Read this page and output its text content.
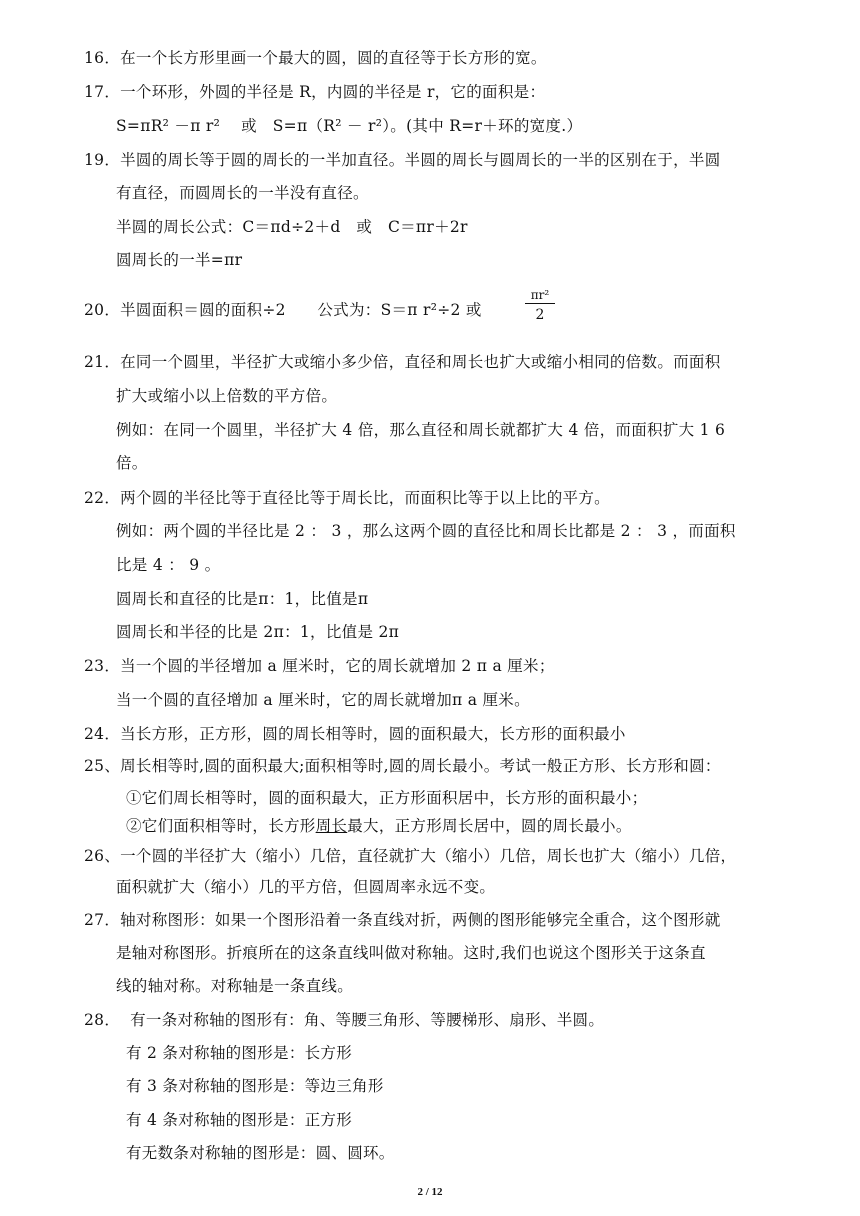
16．在一个长方形里画一个最大的圆，圆的直径等于长方形的宽。
17．一个环形，外圆的半径是 R，内圆的半径是 r，它的面积是：
S=πR² －π r²　 或　S=π（R² － r²）。(其中 R=r＋环的宽度.）
19．半圆的周长等于圆的周长的一半加直径。半圆的周长与圆周长的一半的区别在于，半圆
有直径，而圆周长的一半没有直径。
半圆的周长公式：C＝πd÷2＋d　或　C＝πr＋2r
圆周长的一半=πr
20．半圆面积＝圆的面积÷2　　公式为：S＝π r²÷2 或	$\frac{\text{πr²}}{2}$
21．在同一个圆里，半径扩大或缩小多少倍，直径和周长也扩大或缩小相同的倍数。而面积
扩大或缩小以上倍数的平方倍。
例如：在同一个圆里，半径扩大 4 倍，那么直径和周长就都扩大 4 倍，而面积扩大 1 6
倍。
22．两个圆的半径比等于直径比等于周长比，而面积比等于以上比的平方。
例如：两个圆的半径比是 2 ： 3 ，那么这两个圆的直径比和周长比都是 2 ： 3 ，而面积
比是 4 ： 9 。
圆周长和直径的比是π：1，比值是π
圆周长和半径的比是 2π：1，比值是 2π
23．当一个圆的半径增加 a 厘米时，它的周长就增加 2 π a 厘米；
当一个圆的直径增加 a 厘米时，它的周长就增加π a 厘米。
24．当长方形，正方形，圆的周长相等时，圆的面积最大，长方形的面积最小
25、周长相等时,圆的面积最大;面积相等时,圆的周长最小。考试一般正方形、长方形和圆：
①它们周长相等时，圆的面积最大，正方形面积居中，长方形的面积最小；
②它们面积相等时，长方形周长最大，正方形周长居中，圆的周长最小。
26、一个圆的半径扩大（缩小）几倍，直径就扩大（缩小）几倍，周长也扩大（缩小）几倍，
面积就扩大（缩小）几的平方倍，但圆周率永远不变。
27．轴对称图形：如果一个图形沿着一条直线对折，两侧的图形能够完全重合，这个图形就
是轴对称图形。折痕所在的这条直线叫做对称轴。这时,我们也说这个图形关于这条直
线的轴对称。对称轴是一条直线。
28． 有一条对称轴的图形有：角、等腰三角形、等腰梯形、扇形、半圆。
有 2 条对称轴的图形是：长方形
有 3 条对称轴的图形是：等边三角形
有 4 条对称轴的图形是：正方形
有无数条对称轴的图形是：圆、圆环。
2 / 12
